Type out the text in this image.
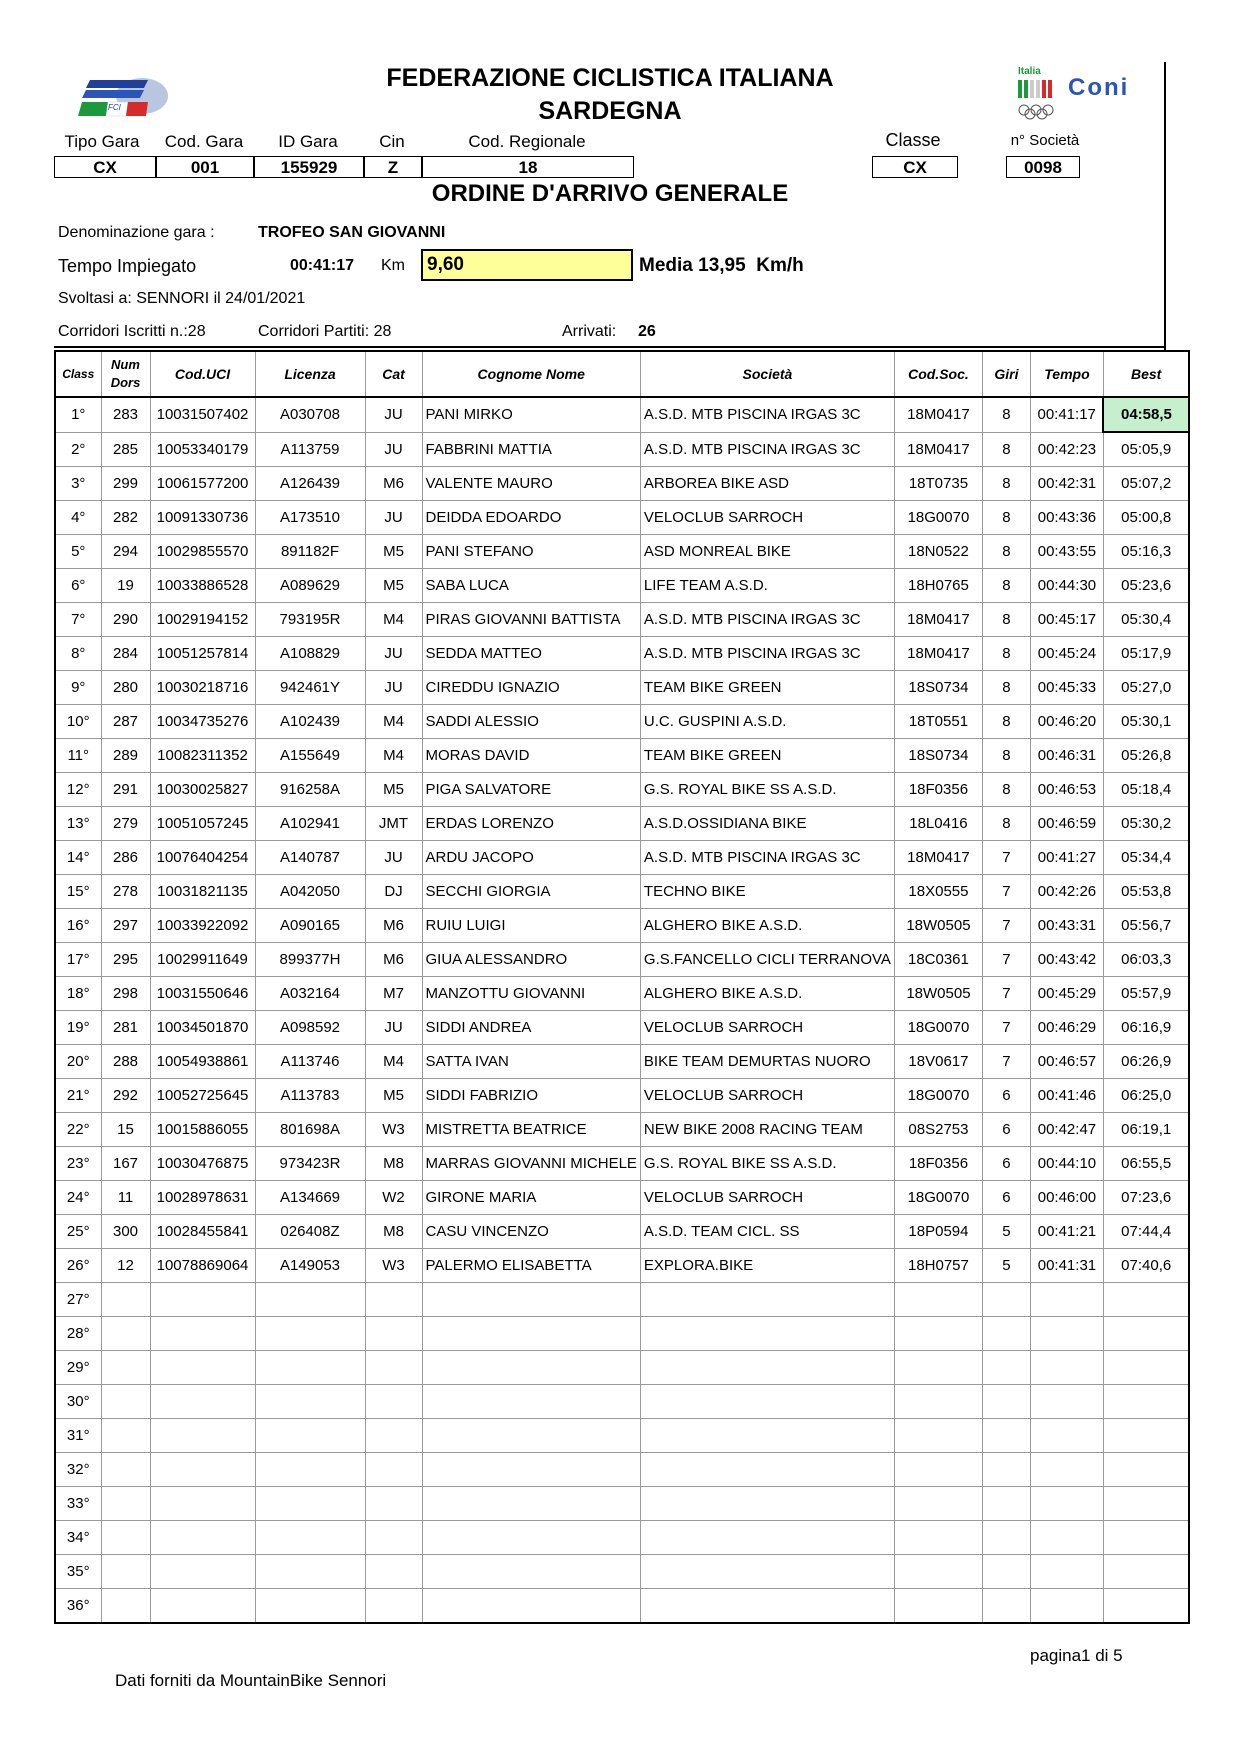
FCI
Italia
Coni
FEDERAZIONE CICLISTICA ITALIANA
SARDEGNA
Tipo Gara	Cod. Gara	ID Gara	Cin	Cod. Regionale	Classe	n° Società
CX	001	155929	Z	18	CX	0098
ORDINE D'ARRIVO GENERALE
Denominazione gara :	TROFEO SAN GIOVANNI
Tempo Impiegato	00:41:17 Km	9,60	Media 13,95  Km/h
Svoltasi a: SENNORI il 24/01/2021
Corridori Iscritti n.:28	Corridori Partiti: 28	Arrivati: 26
Class	Num Dors	Cod.UCI	Licenza	Cat	Cognome Nome	Società	Cod.Soc.	Giri	Tempo	Best
1°	283	10031507402	A030708	JU	PANI MIRKO	A.S.D. MTB PISCINA IRGAS 3C	18M0417	8	00:41:17	04:58,5
2°	285	10053340179	A113759	JU	FABBRINI MATTIA	A.S.D. MTB PISCINA IRGAS 3C	18M0417	8	00:42:23	05:05,9
3°	299	10061577200	A126439	M6	VALENTE MAURO	ARBOREA BIKE ASD	18T0735	8	00:42:31	05:07,2
4°	282	10091330736	A173510	JU	DEIDDA EDOARDO	VELOCLUB SARROCH	18G0070	8	00:43:36	05:00,8
5°	294	10029855570	891182F	M5	PANI STEFANO	ASD MONREAL BIKE	18N0522	8	00:43:55	05:16,3
6°	19	10033886528	A089629	M5	SABA LUCA	LIFE TEAM A.S.D.	18H0765	8	00:44:30	05:23,6
7°	290	10029194152	793195R	M4	PIRAS GIOVANNI BATTISTA	A.S.D. MTB PISCINA IRGAS 3C	18M0417	8	00:45:17	05:30,4
8°	284	10051257814	A108829	JU	SEDDA MATTEO	A.S.D. MTB PISCINA IRGAS 3C	18M0417	8	00:45:24	05:17,9
9°	280	10030218716	942461Y	JU	CIREDDU IGNAZIO	TEAM BIKE GREEN	18S0734	8	00:45:33	05:27,0
10°	287	10034735276	A102439	M4	SADDI ALESSIO	U.C. GUSPINI A.S.D.	18T0551	8	00:46:20	05:30,1
11°	289	10082311352	A155649	M4	MORAS DAVID	TEAM BIKE GREEN	18S0734	8	00:46:31	05:26,8
12°	291	10030025827	916258A	M5	PIGA SALVATORE	G.S. ROYAL BIKE SS A.S.D.	18F0356	8	00:46:53	05:18,4
13°	279	10051057245	A102941	JMT	ERDAS LORENZO	A.S.D.OSSIDIANA BIKE	18L0416	8	00:46:59	05:30,2
14°	286	10076404254	A140787	JU	ARDU JACOPO	A.S.D. MTB PISCINA IRGAS 3C	18M0417	7	00:41:27	05:34,4
15°	278	10031821135	A042050	DJ	SECCHI GIORGIA	TECHNO BIKE	18X0555	7	00:42:26	05:53,8
16°	297	10033922092	A090165	M6	RUIU LUIGI	ALGHERO BIKE A.S.D.	18W0505	7	00:43:31	05:56,7
17°	295	10029911649	899377H	M6	GIUA ALESSANDRO	G.S.FANCELLO CICLI TERRANOVA	18C0361	7	00:43:42	06:03,3
18°	298	10031550646	A032164	M7	MANZOTTU GIOVANNI	ALGHERO BIKE A.S.D.	18W0505	7	00:45:29	05:57,9
19°	281	10034501870	A098592	JU	SIDDI ANDREA	VELOCLUB SARROCH	18G0070	7	00:46:29	06:16,9
20°	288	10054938861	A113746	M4	SATTA IVAN	BIKE TEAM DEMURTAS NUORO	18V0617	7	00:46:57	06:26,9
21°	292	10052725645	A113783	M5	SIDDI FABRIZIO	VELOCLUB SARROCH	18G0070	6	00:41:46	06:25,0
22°	15	10015886055	801698A	W3	MISTRETTA BEATRICE	NEW BIKE 2008 RACING TEAM	08S2753	6	00:42:47	06:19,1
23°	167	10030476875	973423R	M8	MARRAS GIOVANNI MICHELE	G.S. ROYAL BIKE SS A.S.D.	18F0356	6	00:44:10	06:55,5
24°	11	10028978631	A134669	W2	GIRONE MARIA	VELOCLUB SARROCH	18G0070	6	00:46:00	07:23,6
25°	300	10028455841	026408Z	M8	CASU VINCENZO	A.S.D. TEAM CICL. SS	18P0594	5	00:41:21	07:44,4
26°	12	10078869064	A149053	W3	PALERMO ELISABETTA	EXPLORA.BIKE	18H0757	5	00:41:31	07:40,6
27°										
28°										
29°										
30°										
31°										
32°										
33°										
34°										
35°										
36°										
pagina1 di 5
Dati forniti da MountainBike Sennori
